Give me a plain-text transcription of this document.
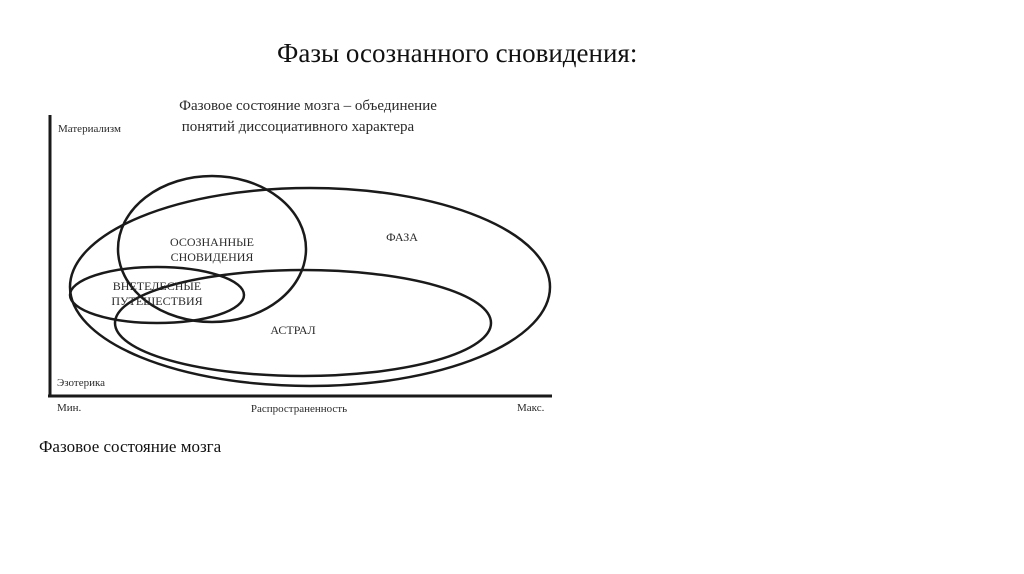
Фазы осознанного сновидения:
Фазовое состояние мозга – объединение
понятий диссоциативного характера
Материализм
Эзотерика
Мин.	Распространенность	Макс.
ФАЗА
ОСОЗНАННЫЕ
СНОВИДЕНИЯ
ВНЕТЕЛЕСНЫЕ
ПУТЕШЕСТВИЯ
АСТРАЛ
Фазовое состояние мозга
